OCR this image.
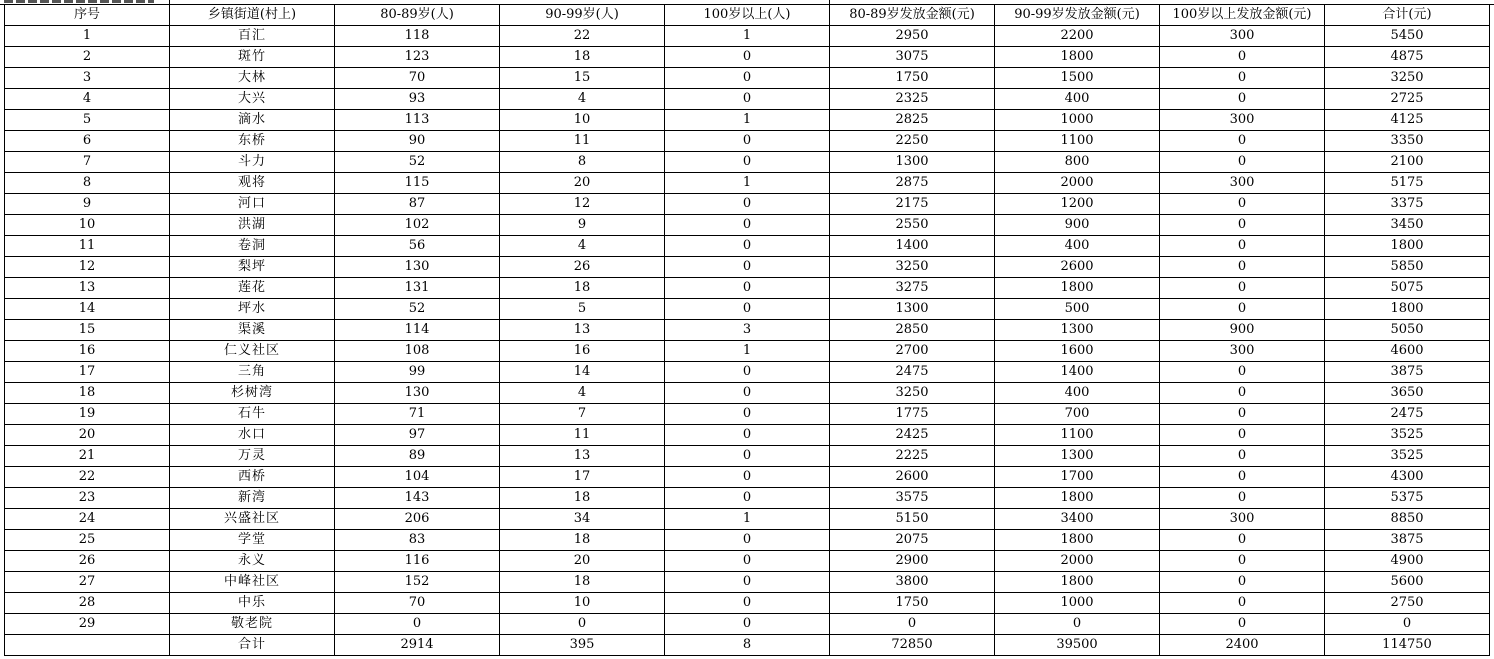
序号	乡镇街道(村上)	80-89岁(人)	90-99岁(人)	100岁以上(人)	80-89岁发放金额(元)	90-99岁发放金额(元)	100岁以上发放金额(元)	合计(元)
1	百汇	118	22	1	2950	2200	300	5450
2	斑竹	123	18	0	3075	1800	0	4875
3	大林	70	15	0	1750	1500	0	3250
4	大兴	93	4	0	2325	400	0	2725
5	滴水	113	10	1	2825	1000	300	4125
6	东桥	90	11	0	2250	1100	0	3350
7	斗力	52	8	0	1300	800	0	2100
8	观将	115	20	1	2875	2000	300	5175
9	河口	87	12	0	2175	1200	0	3375
10	洪湖	102	9	0	2550	900	0	3450
11	卷洞	56	4	0	1400	400	0	1800
12	梨坪	130	26	0	3250	2600	0	5850
13	莲花	131	18	0	3275	1800	0	5075
14	坪水	52	5	0	1300	500	0	1800
15	渠溪	114	13	3	2850	1300	900	5050
16	仁义社区	108	16	1	2700	1600	300	4600
17	三角	99	14	0	2475	1400	0	3875
18	杉树湾	130	4	0	3250	400	0	3650
19	石牛	71	7	0	1775	700	0	2475
20	水口	97	11	0	2425	1100	0	3525
21	万灵	89	13	0	2225	1300	0	3525
22	西桥	104	17	0	2600	1700	0	4300
23	新湾	143	18	0	3575	1800	0	5375
24	兴盛社区	206	34	1	5150	3400	300	8850
25	学堂	83	18	0	2075	1800	0	3875
26	永义	116	20	0	2900	2000	0	4900
27	中峰社区	152	18	0	3800	1800	0	5600
28	中乐	70	10	0	1750	1000	0	2750
29	敬老院	0	0	0	0	0	0	0
	合计	2914	395	8	72850	39500	2400	114750
